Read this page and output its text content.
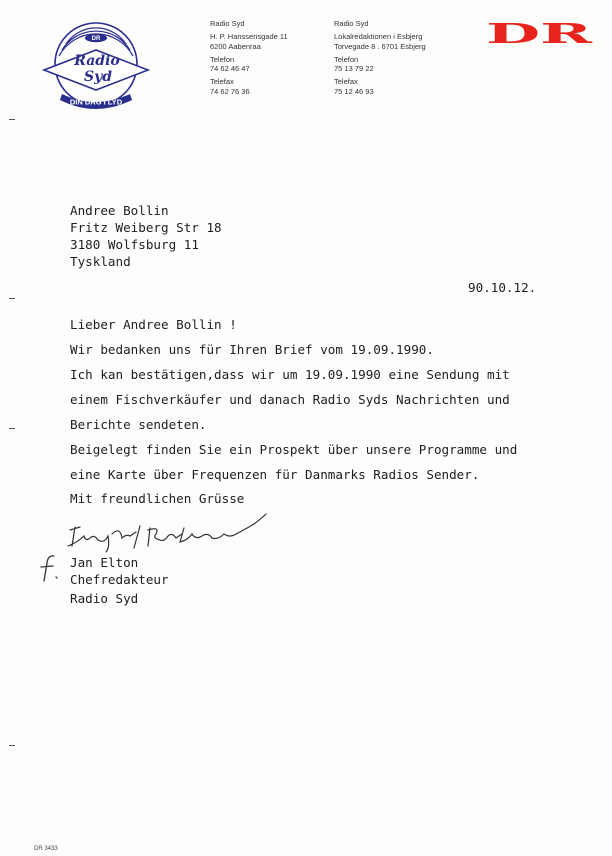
DR
Radio
Syd
DIN DAG I LYD
Radio Syd
H. P. Hanssensgade 11
6200 Aabenraa
Telefon
74 62 46 47
Telefax
74 62 76 36
Radio Syd
Lokalredaktionen i Esbjerg
Torvegade 8 . 6701 Esbjerg
Telefon
75 13 79 22
Telefax
75 12 46 93
DR
Andree Bollin
Fritz Weiberg Str 18
3180 Wolfsburg 11
Tyskland
90.10.12.
Lieber Andree Bollin !
Wir bedanken uns für Ihren Brief vom 19.09.1990.
Ich kan bestätigen,dass wir um 19.09.1990 eine Sendung mit
einem Fischverkäufer und danach Radio Syds Nachrichten und
Berichte sendeten.
Beigelegt finden Sie ein Prospekt über unsere Programme und
eine Karte über Frequenzen für Danmarks Radios Sender.
Mit freundlichen Grüsse
Jan Elton
Chefredakteur
Radio Syd
DR 3433
